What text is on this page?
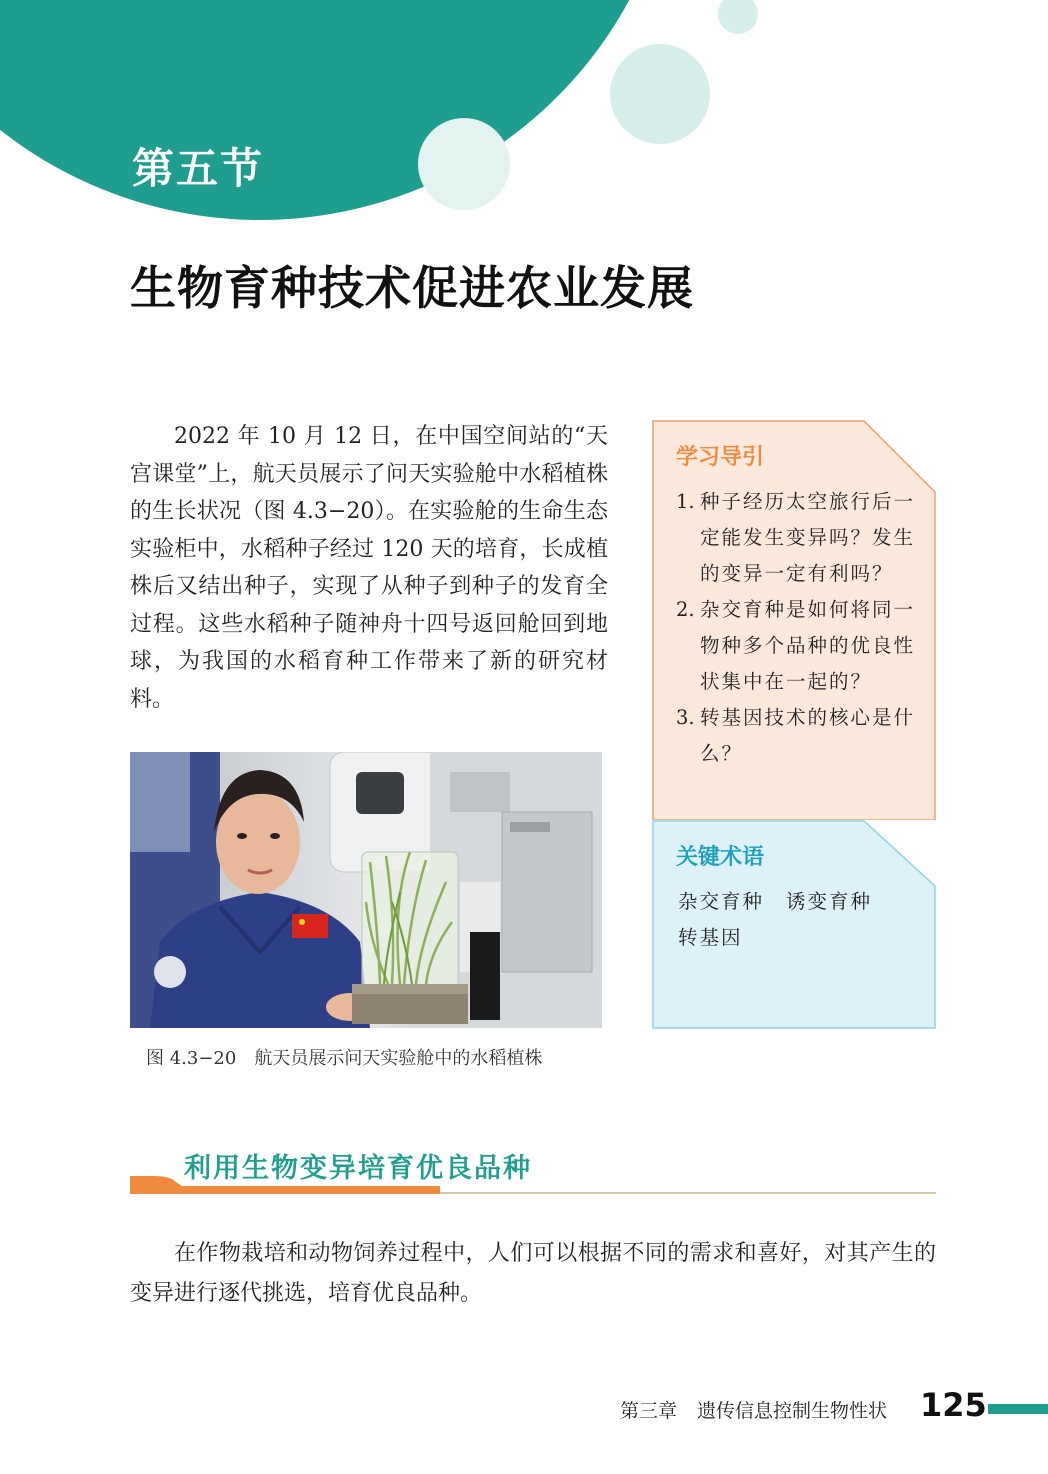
第五节
生物育种技术促进农业发展

2022 年 10 月 12 日，在中国空间站的“天宫课堂”上，航天员展示了问天实验舱中水稻植株的生长状况（图 4.3−20）。在实验舱的生命生态实验柜中，水稻种子经过 120 天的培育，长成植株后又结出种子，实现了从种子到种子的发育全过程。这些水稻种子随神舟十四号返回舱回到地球，为我国的水稻育种工作带来了新的研究材料。

图 4.3−20　航天员展示问天实验舱中的水稻植株
学习导引
1. 种子经历太空旅行后一定能发生变异吗？发生的变异一定有利吗？
2. 杂交育种是如何将同一物种多个品种的优良性状集中在一起的？
3. 转基因技术的核心是什么？
关键术语
杂交育种 诱变育种
转基因
利用生物变异培育优良品种

在作物栽培和动物饲养过程中，人们可以根据不同的需求和喜好，对其产生的变异进行逐代挑选，培育优良品种。

第三章 遗传信息控制生物性状 125
